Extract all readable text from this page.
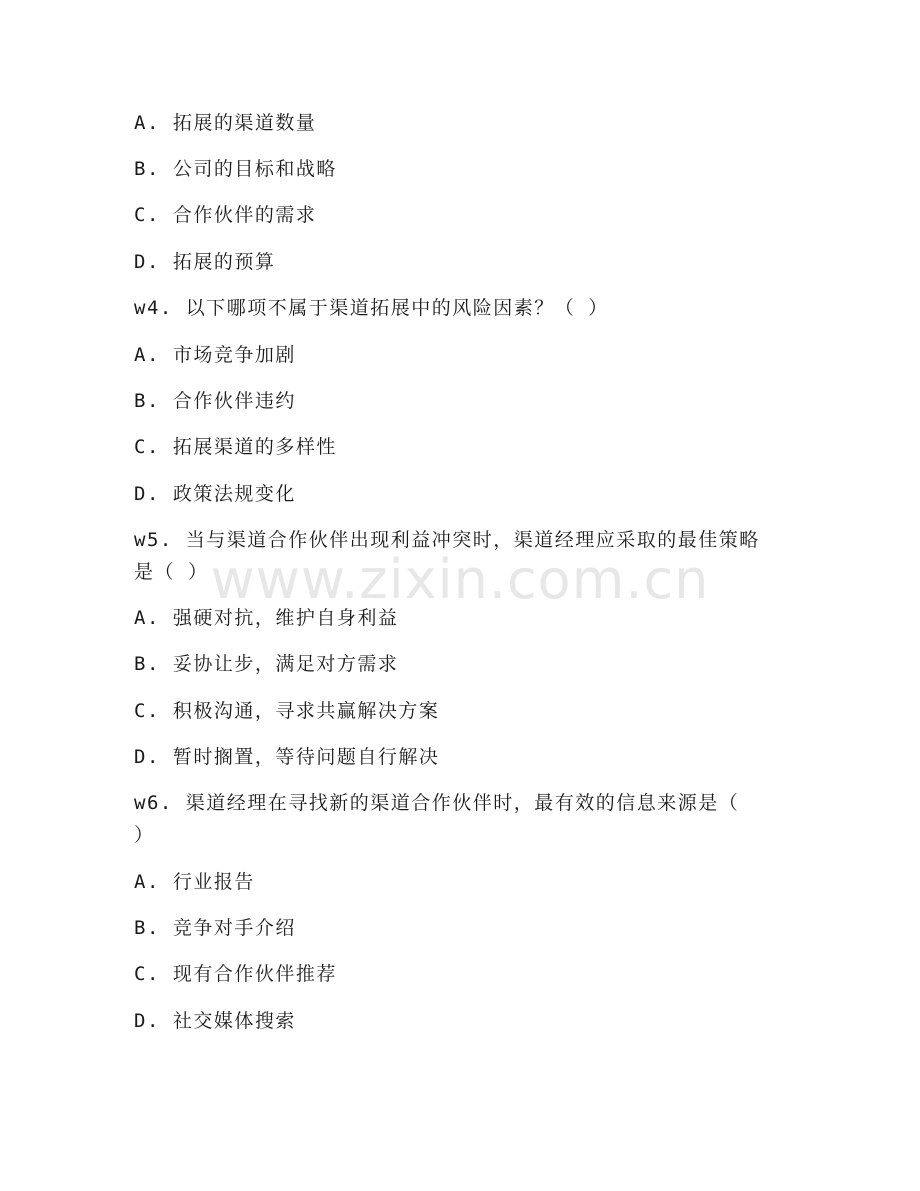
www.zixin.com.cn
A. 拓展的渠道数量
B. 公司的目标和战略
C. 合作伙伴的需求
D. 拓展的预算
w4. 以下哪项不属于渠道拓展中的风险因素？（ ）
A. 市场竞争加剧
B. 合作伙伴违约
C. 拓展渠道的多样性
D. 政策法规变化
w5. 当与渠道合作伙伴出现利益冲突时，渠道经理应采取的最佳策略
是（ ）
A. 强硬对抗，维护自身利益
B. 妥协让步，满足对方需求
C. 积极沟通，寻求共赢解决方案
D. 暂时搁置，等待问题自行解决
w6. 渠道经理在寻找新的渠道合作伙伴时，最有效的信息来源是（
）
A. 行业报告
B. 竞争对手介绍
C. 现有合作伙伴推荐
D. 社交媒体搜索
